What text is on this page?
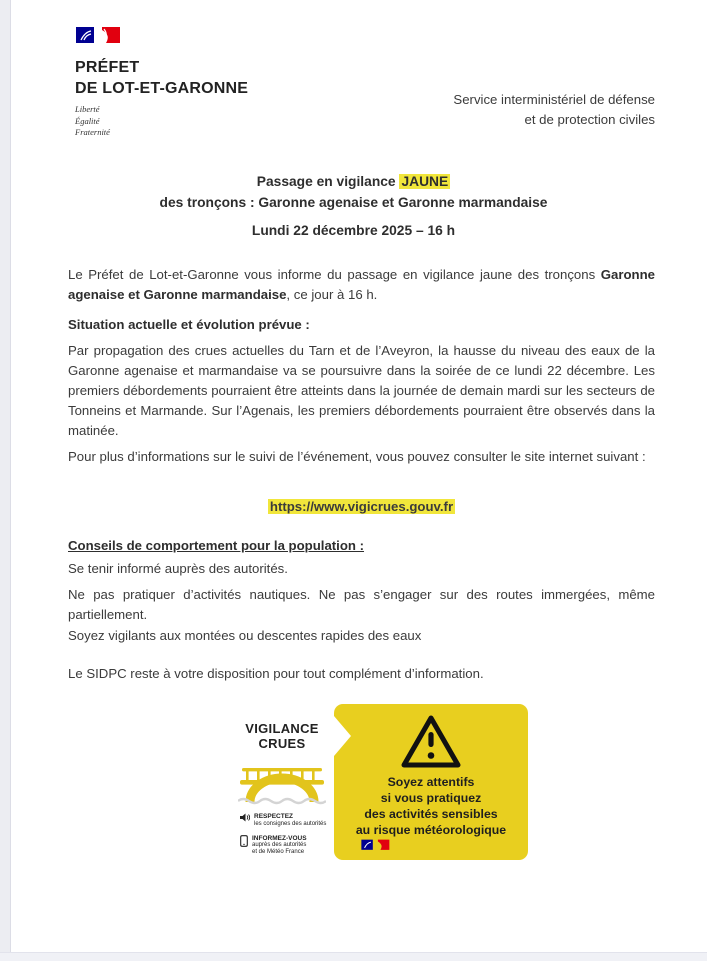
PRÉFET
DE LOT-ET-GARONNE
Liberté
Égalité
Fraternité
Service interministériel de défense
et de protection civiles
Passage en vigilance JAUNE
des tronçons : Garonne agenaise et Garonne marmandaise
Lundi 22 décembre 2025 – 16 h
Le Préfet de Lot-et-Garonne vous informe du passage en vigilance jaune des tronçons Garonne agenaise et Garonne marmandaise, ce jour à 16 h.
Situation actuelle et évolution prévue :
Par propagation des crues actuelles du Tarn et de l’Aveyron, la hausse du niveau des eaux de la Garonne agenaise et marmandaise va se poursuivre dans la soirée de ce lundi 22 décembre. Les premiers débordements pourraient être atteints dans la journée de demain mardi sur les secteurs de Tonneins et Marmande. Sur l’Agenais, les premiers débordements pourraient être observés dans la matinée.
Pour plus d’informations sur le suivi de l’événement, vous pouvez consulter le site internet suivant :
https://www.vigicrues.gouv.fr
Conseils de comportement pour la population :
Se tenir informé auprès des autorités.
Ne pas pratiquer d’activités nautiques. Ne pas s’engager sur des routes immergées, même partiellement.
Soyez vigilants aux montées ou descentes rapides des eaux
Le SIDPC reste à votre disposition pour tout complément d’information.
VIGILANCE
CRUES
RESPECTEZ
les consignes des autorités
INFORMEZ-VOUS
auprès des autorités
et de Météo France
Soyez attentifs
si vous pratiquez
des activités sensibles
au risque météorologique
